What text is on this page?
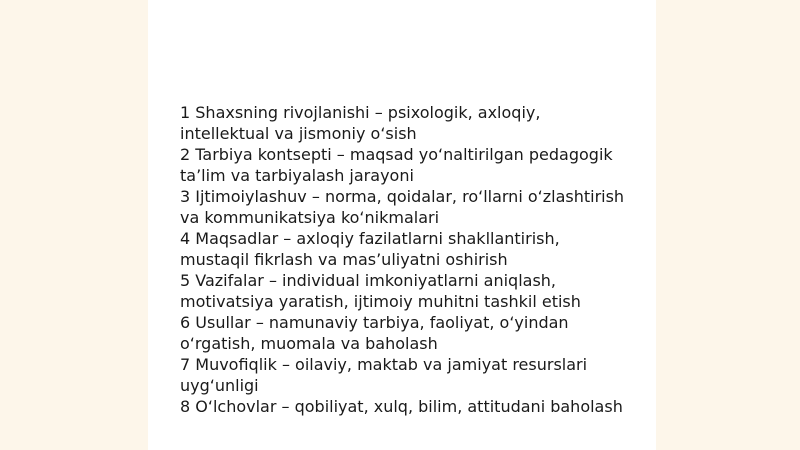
1 Shaxsning rivojlanishi – psixologik, axloqiy, intellektual va jismoniy o‘sish
2 Tarbiya kontsepti – maqsad yo‘naltirilgan pedagogik ta’lim va tarbiyalash jarayoni
3 Ijtimoiylashuv – norma, qoidalar, ro‘llarni o‘zlashtirish va kommunikatsiya ko‘nikmalari
4 Maqsadlar – axloqiy fazilatlarni shakllantirish, mustaqil fikrlash va mas’uliyatni oshirish
5 Vazifalar – individual imkoniyatlarni aniqlash, motivatsiya yaratish, ijtimoiy muhitni tashkil etish
6 Usullar – namunaviy tarbiya, faoliyat, o‘yindan o‘rgatish, muomala va baholash
7 Muvofiqlik – oilaviy, maktab va jamiyat resurslari uyg‘unligi
8 O‘lchovlar – qobiliyat, xulq, bilim, attitudani baholash
